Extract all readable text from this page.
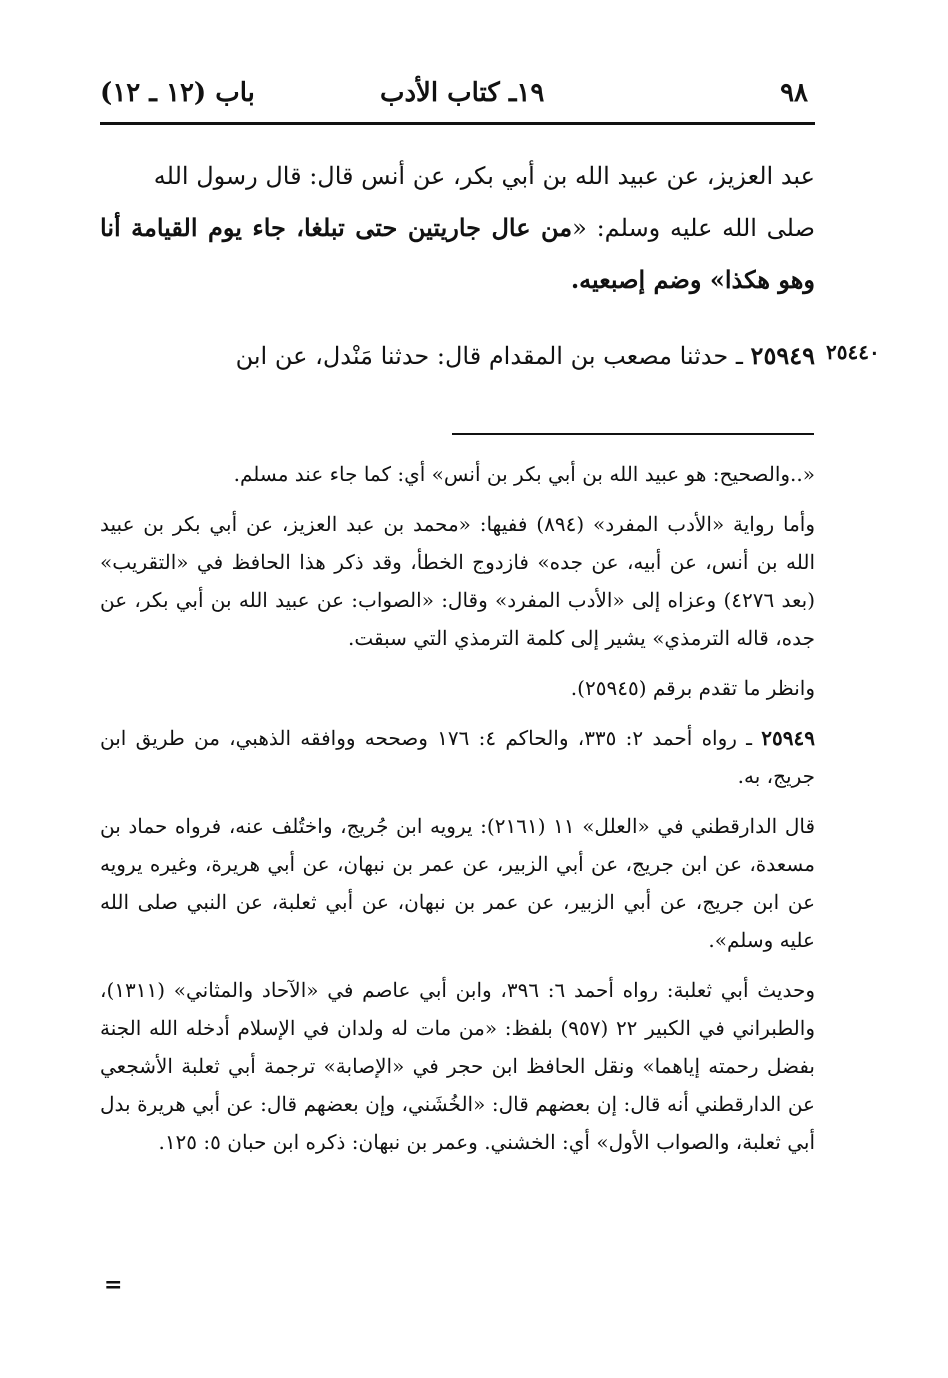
٩٨
١٩ـ كتاب الأدب
باب (١٢ ـ ١٢)

عبد العزيز، عن عبيد الله بن أبي بكر، عن أنس قال: قال رسول الله

صلى الله عليه وسلم: «من عال جاريتين حتى تبلغا، جاء يوم القيامة أنا وهو هكذا» وضم إصبعيه.

٢٥٩٤٩ ـ حدثنا مصعب بن المقدام قال: حدثنا مَنْدل، عن ابن	٢٥٤٤٠

«..والصحيح: هو عبيد الله بن أبي بكر بن أنس» أي: كما جاء عند مسلم.

وأما رواية «الأدب المفرد» (٨٩٤) ففيها: «محمد بن عبد العزيز، عن أبي بكر بن عبيد الله بن أنس، عن أبيه، عن جده» فازدوج الخطأ، وقد ذكر هذا الحافظ في «التقريب» (بعد ٤٢٧٦) وعزاه إلى «الأدب المفرد» وقال: «الصواب: عن عبيد الله بن أبي بكر، عن جده، قاله الترمذي» يشير إلى كلمة الترمذي التي سبقت.

وانظر ما تقدم برقم (٢٥٩٤٥).

٢٥٩٤٩ ـ رواه أحمد ٢: ٣٣٥، والحاكم ٤: ١٧٦ وصححه ووافقه الذهبي، من طريق ابن جريج، به.

قال الدارقطني في «العلل» ١١ (٢١٦١): يرويه ابن جُريج، واختُلف عنه، فرواه حماد بن مسعدة، عن ابن جريج، عن أبي الزبير، عن عمر بن نبهان، عن أبي هريرة، وغيره يرويه عن ابن جريج، عن أبي الزبير، عن عمر بن نبهان، عن أبي ثعلبة، عن النبي صلى الله عليه وسلم».

وحديث أبي ثعلبة: رواه أحمد ٦: ٣٩٦، وابن أبي عاصم في «الآحاد والمثاني» (١٣١١)، والطبراني في الكبير ٢٢ (٩٥٧) بلفظ: «من مات له ولدان في الإسلام أدخله الله الجنة بفضل رحمته إياهما» ونقل الحافظ ابن حجر في «الإصابة» ترجمة أبي ثعلبة الأشجعي عن الدارقطني أنه قال: إن بعضهم قال: «الخُشَني، وإن بعضهم قال: عن أبي هريرة بدل أبي ثعلبة، والصواب الأول» أي: الخشني. وعمر بن نبهان: ذكره ابن حبان ٥: ١٢٥.

=
